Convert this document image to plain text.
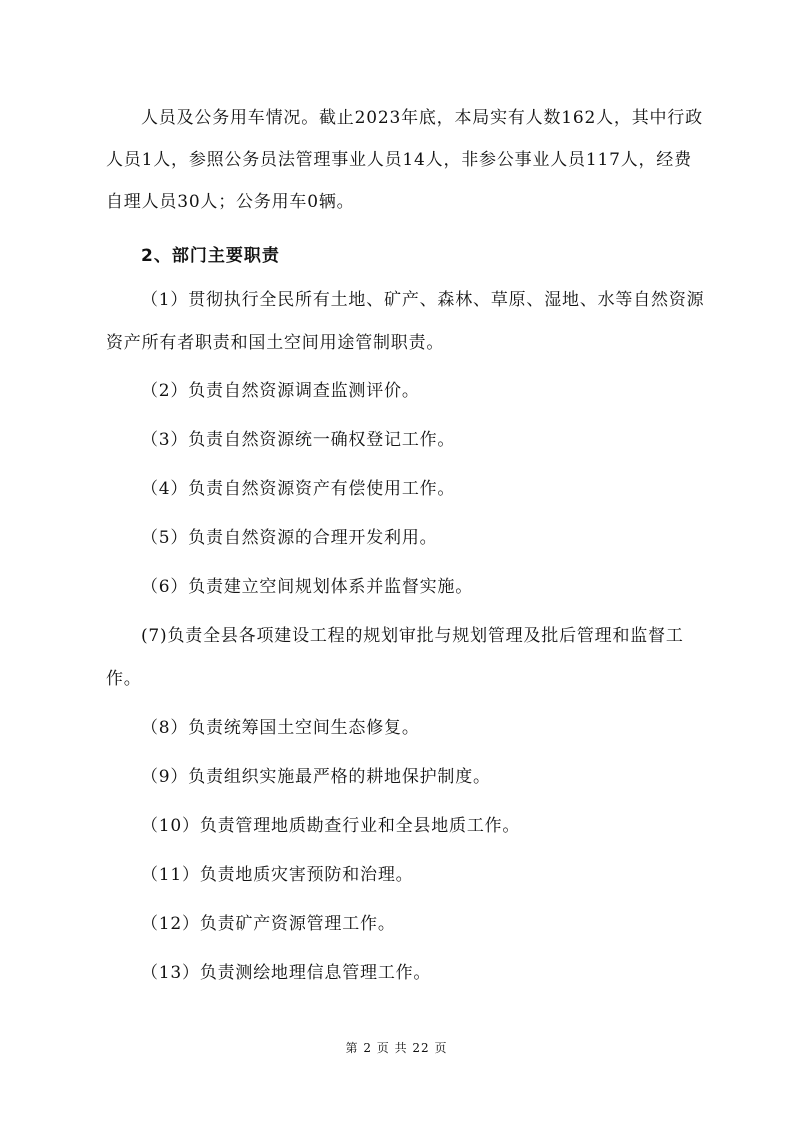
人员及公务用车情况。截止2023年底，本局实有人数162人，其中行政
人员1人，参照公务员法管理事业人员14人，非参公事业人员117人，经费
自理人员30人；公务用车0辆。
2、部门主要职责
（1）贯彻执行全民所有土地、矿产、森林、草原、湿地、水等自然资源
资产所有者职责和国土空间用途管制职责。
（2）负责自然资源调查监测评价。
（3）负责自然资源统一确权登记工作。
（4）负责自然资源资产有偿使用工作。
（5）负责自然资源的合理开发利用。
（6）负责建立空间规划体系并监督实施。
(7)负责全县各项建设工程的规划审批与规划管理及批后管理和监督工
作。
（8）负责统筹国土空间生态修复。
（9）负责组织实施最严格的耕地保护制度。
（10）负责管理地质勘查行业和全县地质工作。
（11）负责地质灾害预防和治理。
（12）负责矿产资源管理工作。
（13）负责测绘地理信息管理工作。
第 2 页 共 22 页
